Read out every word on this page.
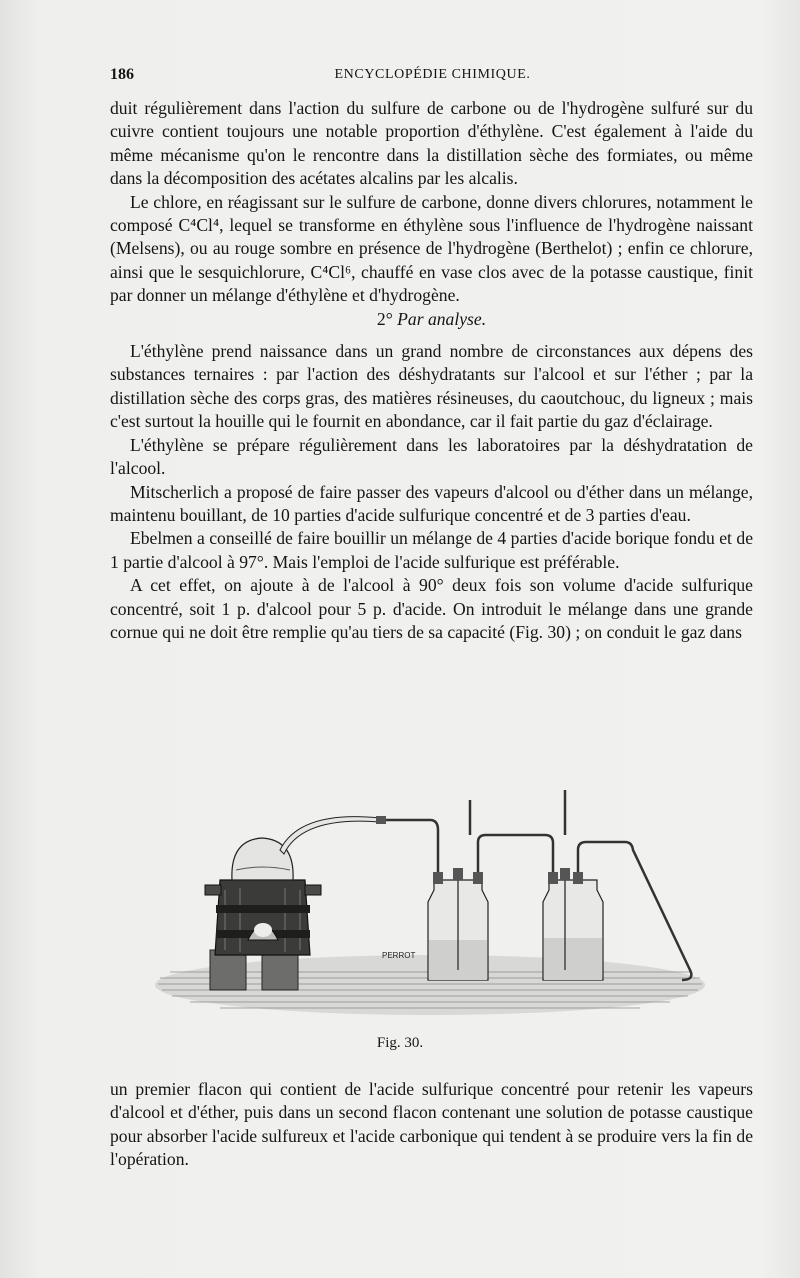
186	ENCYCLOPÉDIE CHIMIQUE.

duit régulièrement dans l'action du sulfure de carbone ou de l'hydrogène sulfuré sur du cuivre contient toujours une notable proportion d'éthylène. C'est également à l'aide du même mécanisme qu'on le rencontre dans la distillation sèche des formiates, ou même dans la décomposition des acétates alcalins par les alcalis.

Le chlore, en réagissant sur le sulfure de carbone, donne divers chlorures, notamment le composé C⁴Cl⁴, lequel se transforme en éthylène sous l'influence de l'hydrogène naissant (Melsens), ou au rouge sombre en présence de l'hydrogène (Berthelot) ; enfin ce chlorure, ainsi que le sesquichlorure, C⁴Cl⁶, chauffé en vase clos avec de la potasse caustique, finit par donner un mélange d'éthylène et d'hydrogène.

2° Par analyse.

L'éthylène prend naissance dans un grand nombre de circonstances aux dépens des substances ternaires : par l'action des déshydratants sur l'alcool et sur l'éther ; par la distillation sèche des corps gras, des matières résineuses, du caoutchouc, du ligneux ; mais c'est surtout la houille qui le fournit en abondance, car il fait partie du gaz d'éclairage.

L'éthylène se prépare régulièrement dans les laboratoires par la déshydratation de l'alcool.

Mitscherlich a proposé de faire passer des vapeurs d'alcool ou d'éther dans un mélange, maintenu bouillant, de 10 parties d'acide sulfurique concentré et de 3 parties d'eau.

Ebelmen a conseillé de faire bouillir un mélange de 4 parties d'acide borique fondu et de 1 partie d'alcool à 97°. Mais l'emploi de l'acide sulfurique est préférable.

A cet effet, on ajoute à de l'alcool à 90° deux fois son volume d'acide sulfurique concentré, soit 1 p. d'alcool pour 5 p. d'acide. On introduit le mélange dans une grande cornue qui ne doit être remplie qu'au tiers de sa capacité (Fig. 30) ; on conduit le gaz dans

PERROT
Fig. 30.

un premier flacon qui contient de l'acide sulfurique concentré pour retenir les vapeurs d'alcool et d'éther, puis dans un second flacon contenant une solution de potasse caustique pour absorber l'acide sulfureux et l'acide carbonique qui tendent à se produire vers la fin de l'opération.
